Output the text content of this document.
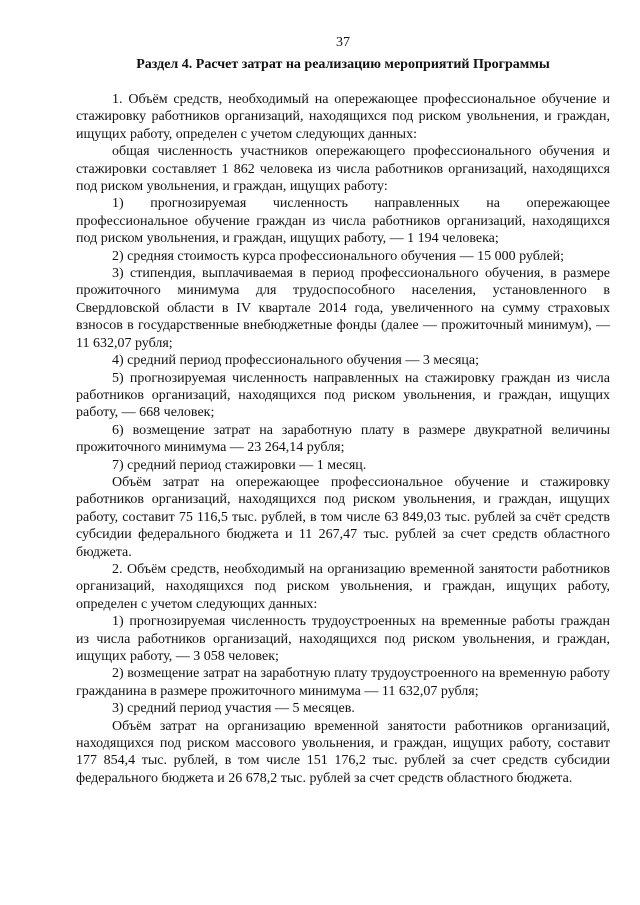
37
Раздел 4. Расчет затрат на реализацию мероприятий Программы

1. Объём средств, необходимый на опережающее профессиональное обучение и стажировку работников организаций, находящихся под риском увольнения, и граждан, ищущих работу, определен с учетом следующих данных:

общая численность участников опережающего профессионального обучения и стажировки составляет 1 862 человека из числа работников организаций, находящихся под риском увольнения, и граждан, ищущих работу:

1) прогнозируемая численность направленных на опережающее профессиональное обучение граждан из числа работников организаций, находящихся под риском увольнения, и граждан, ищущих работу, — 1 194 человека;

2) средняя стоимость курса профессионального обучения — 15 000 рублей;

3) стипендия, выплачиваемая в период профессионального обучения, в размере прожиточного минимума для трудоспособного населения, установленного в Свердловской области в IV квартале 2014 года, увеличенного на сумму страховых взносов в государственные внебюджетные фонды (далее — прожиточный минимум), — 11 632,07 рубля;

4) средний период профессионального обучения — 3 месяца;

5) прогнозируемая численность направленных на стажировку граждан из числа работников организаций, находящихся под риском увольнения, и граждан, ищущих работу, — 668 человек;

6) возмещение затрат на заработную плату в размере двукратной величины прожиточного минимума — 23 264,14 рубля;

7) средний период стажировки — 1 месяц.

Объём затрат на опережающее профессиональное обучение и стажировку работников организаций, находящихся под риском увольнения, и граждан, ищущих работу, составит 75 116,5 тыс. рублей, в том числе 63 849,03 тыс. рублей за счёт средств субсидии федерального бюджета и 11 267,47 тыс. рублей за счет средств областного бюджета.

2. Объём средств, необходимый на организацию временной занятости работников организаций, находящихся под риском увольнения, и граждан, ищущих работу, определен с учетом следующих данных:

1) прогнозируемая численность трудоустроенных на временные работы граждан из числа работников организаций, находящихся под риском увольнения, и граждан, ищущих работу, — 3 058 человек;

2) возмещение затрат на заработную плату трудоустроенного на временную работу гражданина в размере прожиточного минимума — 11 632,07 рубля;

3) средний период участия — 5 месяцев.

Объём затрат на организацию временной занятости работников организаций, находящихся под риском массового увольнения, и граждан, ищущих работу, составит 177 854,4 тыс. рублей, в том числе 151 176,2 тыс. рублей за счет средств субсидии федерального бюджета и 26 678,2 тыс. рублей за счет средств областного бюджета.
